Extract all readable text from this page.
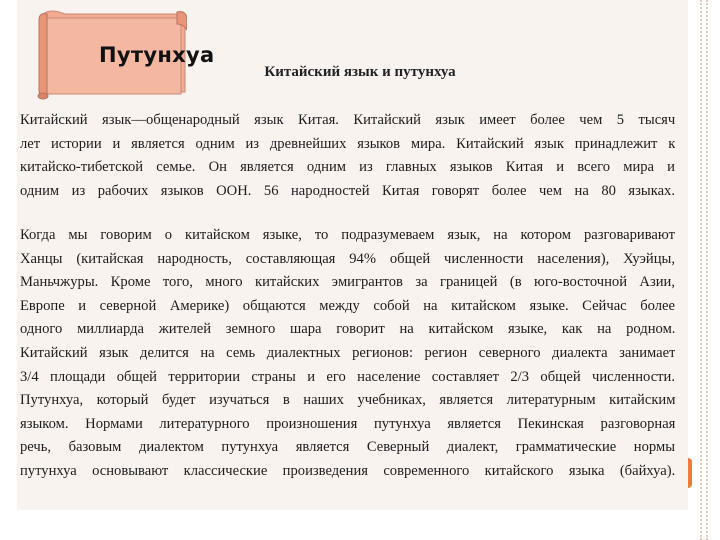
Путунхуа
Китайский язык и путунхуа
Китайский язык—общенародный язык Китая. Китайский язык имеет более чем 5 тысяч
лет истории и является одним из древнейших языков мира. Китайский язык принадлежит к
китайско-тибетской семье. Он является одним из главных языков Китая и всего мира и
одним из рабочих языков ООН. 56 народностей Китая говорят более чем на 80 языках.
Когда мы говорим о китайском языке, то подразумеваем язык, на котором разговаривают
Ханцы (китайская народность, составляющая 94% общей численности населения), Хуэйцы,
Маньчжуры. Кроме того, много китайских эмигрантов за границей (в юго-восточной Азии,
Европе и северной Америке) общаются между собой на китайском языке. Сейчас более
одного миллиарда жителей земного шара говорит на китайском языке, как на родном.
Китайский язык делится на семь диалектных регионов: регион северного диалекта занимает
3/4 площади общей территории страны и его население составляет 2/3 общей численности.
Путунхуа, который будет изучаться в наших учебниках, является литературным китайским
языком. Нормами литературного произношения путунхуа является Пекинская разговорная
речь, базовым диалектом путунхуа является Северный диалект, грамматические нормы
путунхуа основывают классические произведения современного китайского языка (байхуа).
